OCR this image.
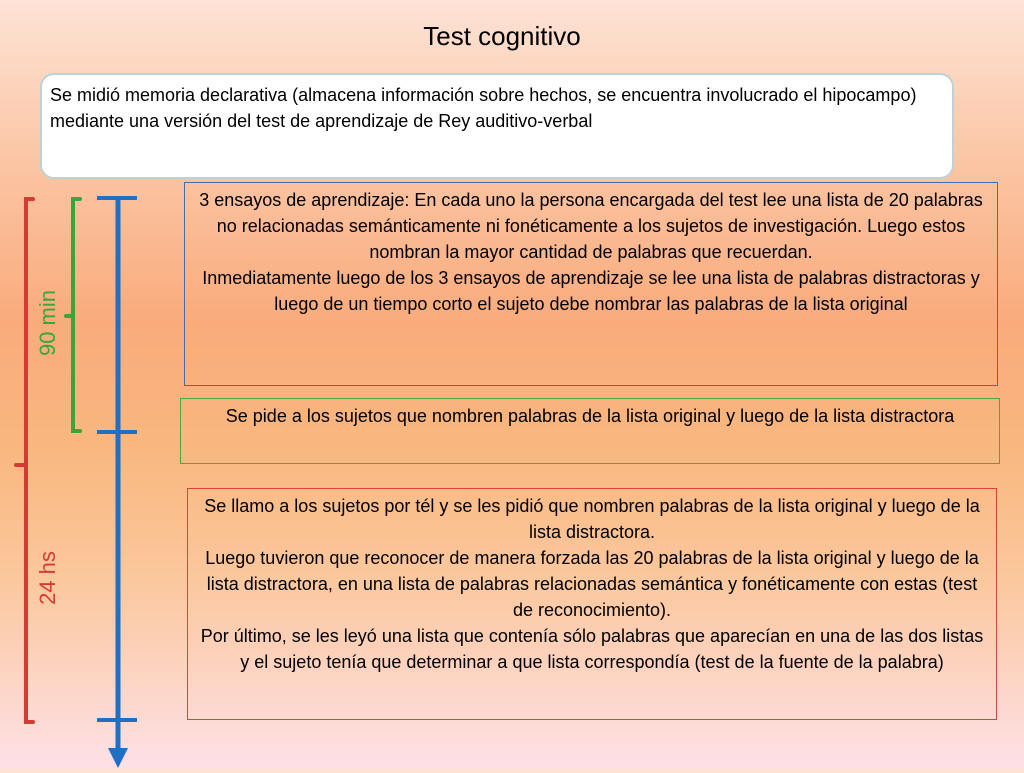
Test cognitivo
Se midió memoria declarativa (almacena información sobre hechos, se encuentra involucrado el hipocampo) mediante una versión del test de aprendizaje de Rey auditivo-verbal
90 min
24 hs

3 ensayos de aprendizaje: En cada uno la persona encargada del test lee una lista de 20 palabras no relacionadas semánticamente ni fonéticamente a los sujetos de investigación. Luego estos nombran la mayor cantidad de palabras que recuerdan.

Inmediatamente luego de los 3 ensayos de aprendizaje se lee una lista de palabras distractoras y luego de un tiempo corto el sujeto debe nombrar las palabras de la lista original

Se pide a los sujetos que nombren palabras de la lista original y luego de la lista distractora

Se llamo a los sujetos por tél y se les pidió que nombren palabras de la lista original y luego de la lista distractora.

Luego tuvieron que reconocer de manera forzada las 20 palabras de la lista original y luego de la lista distractora, en una lista de palabras relacionadas semántica y fonéticamente con estas (test de reconocimiento).

Por último, se les leyó una lista que contenía sólo palabras que aparecían en una de las dos listas y el sujeto tenía que determinar a que lista correspondía (test de la fuente de la palabra)
